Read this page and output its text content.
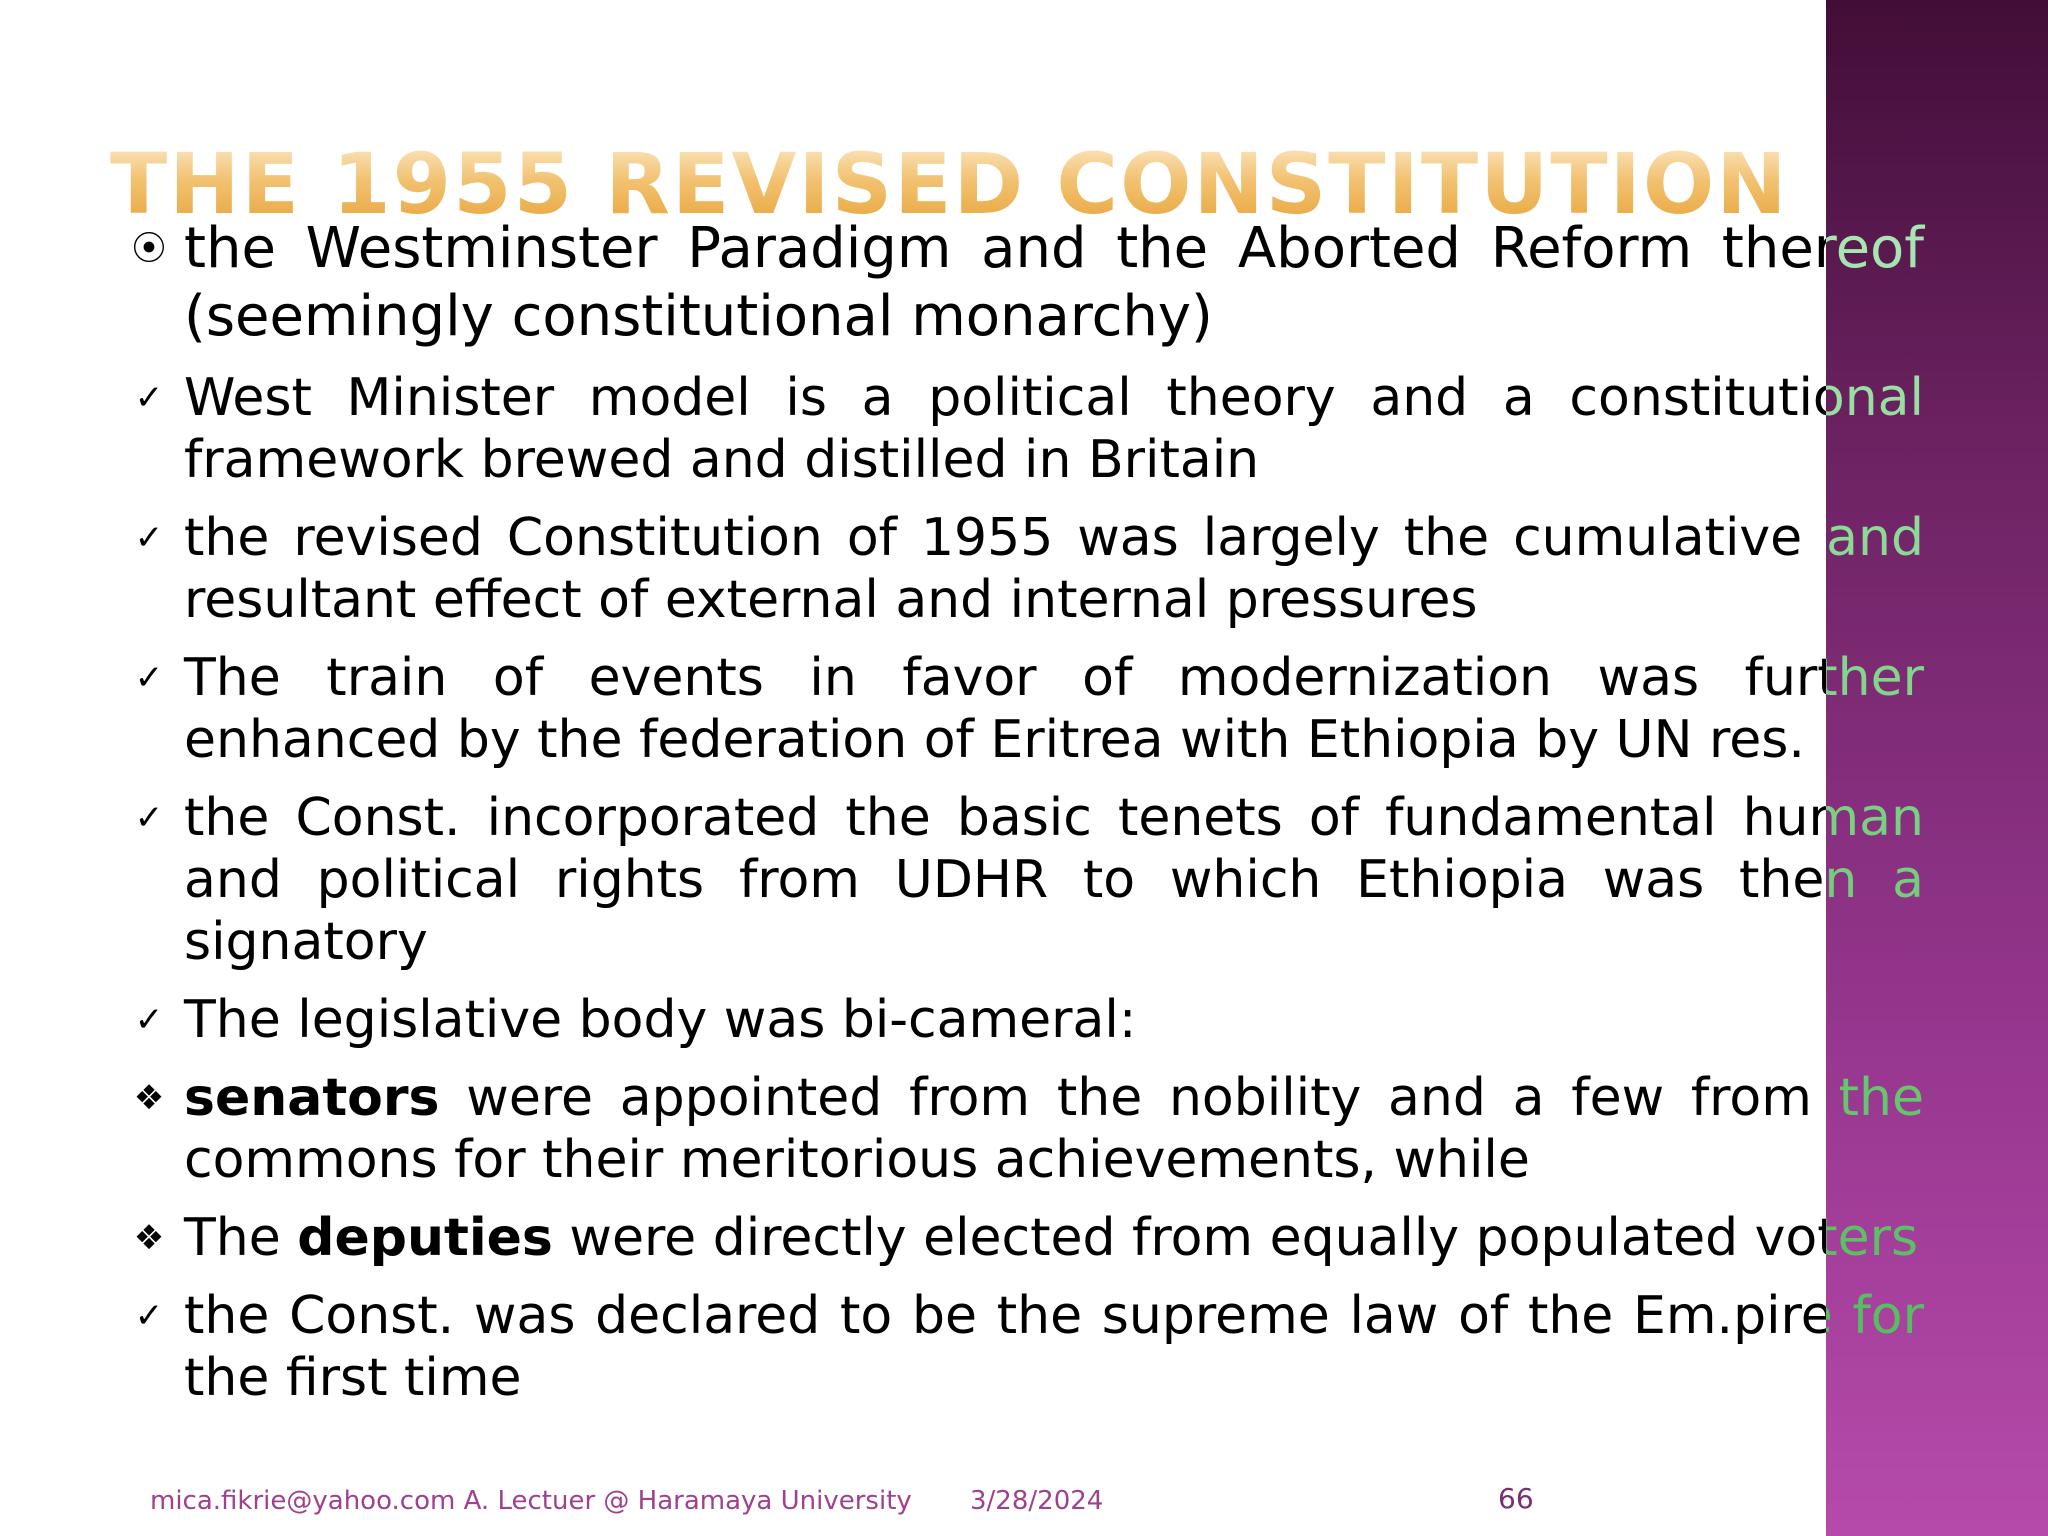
THE 1955 REVISED CONSTITUTION
⦿ the Westminster Paradigm and the Aborted Reform thereof (seemingly constitutional monarchy)
✓ West Minister model is a political theory and a constitutional framework brewed and distilled in Britain
✓ the revised Constitution of 1955 was largely the cumulative and resultant effect of external and internal pressures
✓ The train of events in favor of modernization was further enhanced by the federation of Eritrea with Ethiopia by UN res.
✓ the Const. incorporated the basic tenets of fundamental human and political rights from UDHR to which Ethiopia was then a signatory
✓ The legislative body was bi-cameral:
❖ senators were appointed from the nobility and a few from the commons for their meritorious achievements, while
❖ The deputies were directly elected from equally populated voters
✓ the Const. was declared to be the supreme law of the Em.pire for the first time
mica.fikrie@yahoo.com A. Lectuer @ Haramaya University 3/28/2024	66
